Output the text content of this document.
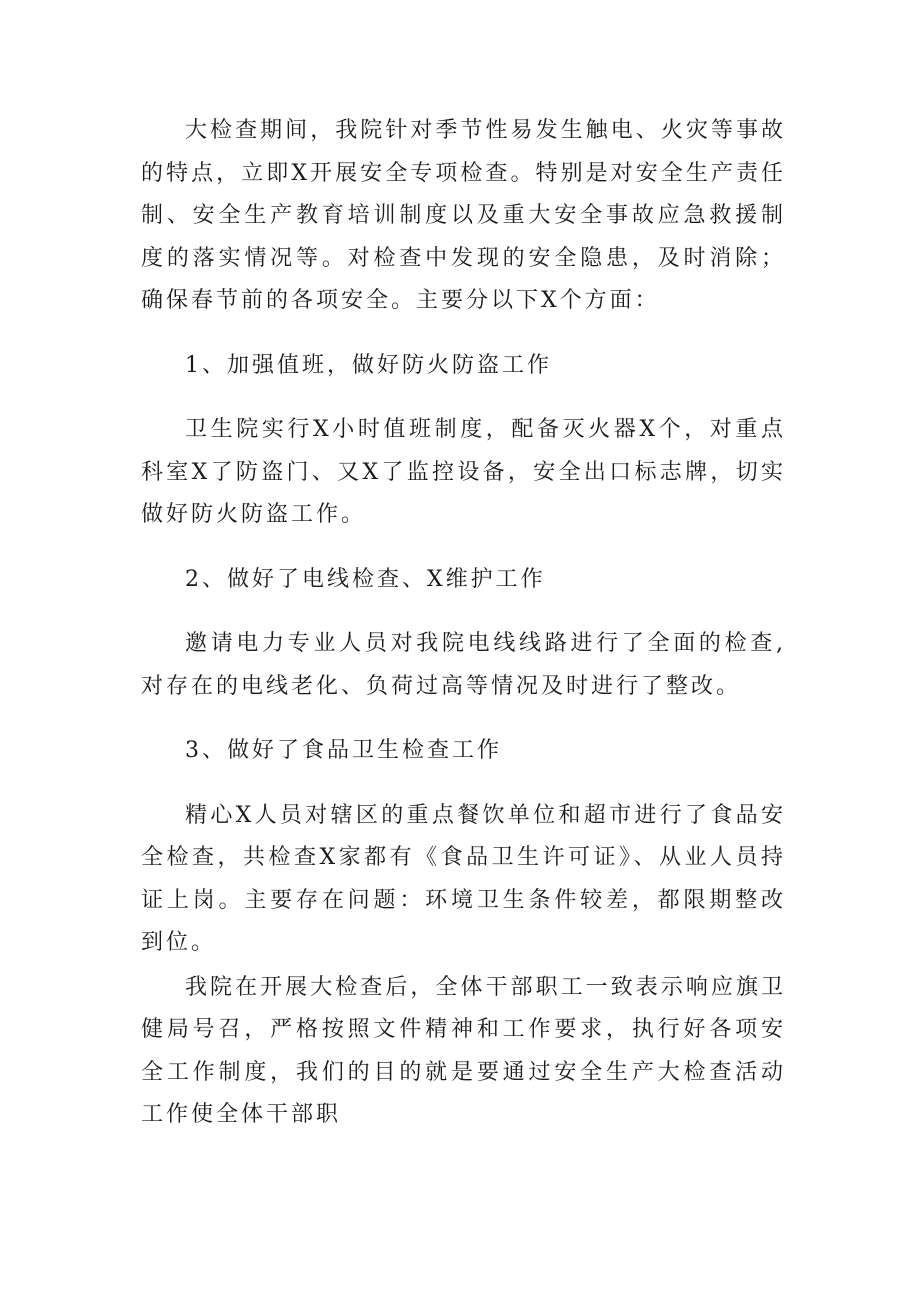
大检查期间，我院针对季节性易发生触电、火灾等事故的特点，立即X开展安全专项检查。特别是对安全生产责任制、安全生产教育培训制度以及重大安全事故应急救援制度的落实情况等。对检查中发现的安全隐患，及时消除；确保春节前的各项安全。主要分以下X个方面：

1、加强值班，做好防火防盗工作

卫生院实行X小时值班制度，配备灭火器X个，对重点科室X了防盗门、又X了监控设备，安全出口标志牌，切实做好防火防盗工作。

2、做好了电线检查、X维护工作

邀请电力专业人员对我院电线线路进行了全面的检查,对存在的电线老化、负荷过高等情况及时进行了整改。

3、做好了食品卫生检查工作

精心X人员对辖区的重点餐饮单位和超市进行了食品安全检查，共检查X家都有《食品卫生许可证》、从业人员持证上岗。主要存在问题：环境卫生条件较差，都限期整改到位。

我院在开展大检查后，全体干部职工一致表示响应旗卫健局号召，严格按照文件精神和工作要求，执行好各项安全工作制度，我们的目的就是要通过安全生产大检查活动工作使全体干部职
